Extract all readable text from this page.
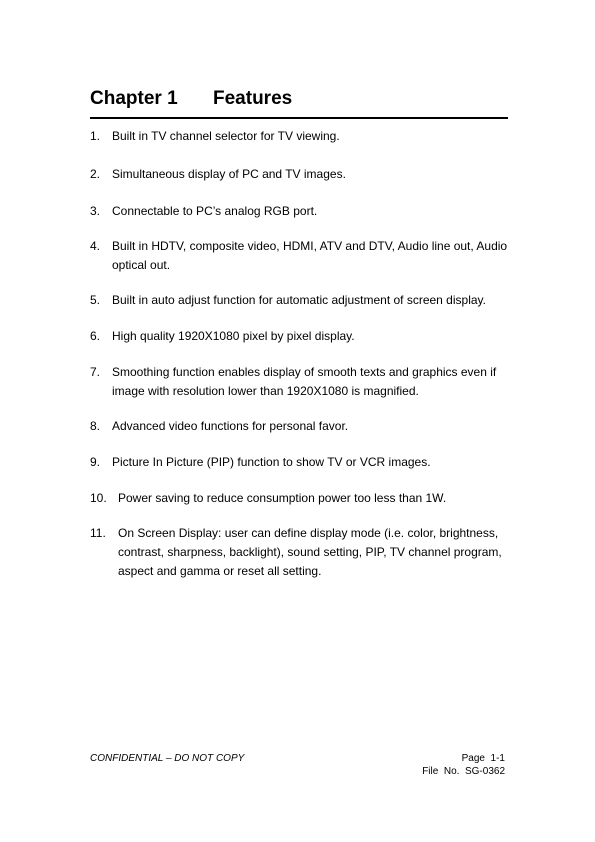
Chapter 1 Features
1. Built in TV channel selector for TV viewing.
2. Simultaneous display of PC and TV images.
3. Connectable to PC’s analog RGB port.
4. Built in HDTV, composite video, HDMI, ATV and DTV, Audio line out, Audio optical out.
5. Built in auto adjust function for automatic adjustment of screen display.
6. High quality 1920X1080 pixel by pixel display.
7. Smoothing function enables display of smooth texts and graphics even if image with resolution lower than 1920X1080 is magnified.
8. Advanced video functions for personal favor.
9. Picture In Picture (PIP) function to show TV or VCR images.
10. Power saving to reduce consumption power too less than 1W.
11.	On Screen Display: user can define display mode (i.e. color, brightness, contrast, sharpness, backlight), sound setting, PIP, TV channel program, aspect and gamma or reset all setting.
CONFIDENTIAL – DO NOT COPY	Page  1-1
File  No.  SG-0362
